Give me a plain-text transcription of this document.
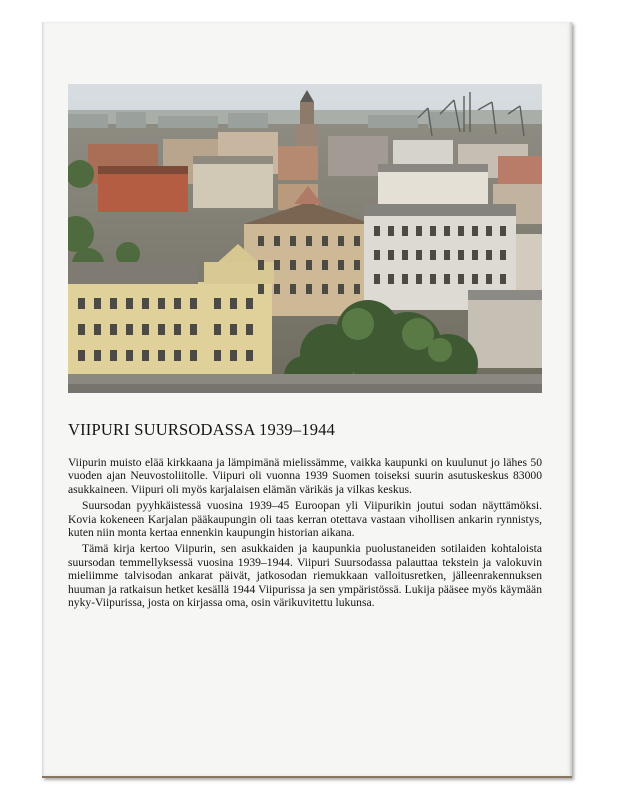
VIIPURI SUURSODASSA 1939–1944

Viipurin muisto elää kirkkaana ja lämpimänä mielissämme, vaikka kaupunki on kuulunut jo lähes 50 vuoden ajan Neuvostoliitolle. Viipuri oli vuonna 1939 Suomen toiseksi suurin asutuskeskus 83000 asukkaineen. Viipuri oli myös karjalaisen elämän värikäs ja vilkas keskus.

Suursodan pyyhkäistessä vuosina 1939–45 Euroopan yli Viipurikin joutui sodan näyttämöksi. Kovia kokeneen Karjalan pääkaupungin oli taas kerran otettava vastaan vihollisen ankarin rynnistys, kuten niin monta kertaa ennenkin kaupungin historian aikana.

Tämä kirja kertoo Viipurin, sen asukkaiden ja kaupunkia puolustaneiden sotilaiden kohtaloista suursodan temmellyksessä vuosina 1939–1944. Viipuri Suursodassa palauttaa tekstein ja valokuvin mieliimme talvisodan ankarat päivät, jatkosodan riemukkaan valloitusretken, jälleenrakennuksen huuman ja ratkaisun hetket kesällä 1944 Viipurissa ja sen ympäristössä. Lukija pääsee myös käymään nyky-Viipurissa, josta on kirjassa oma, osin värikuvitettu lukunsa.
